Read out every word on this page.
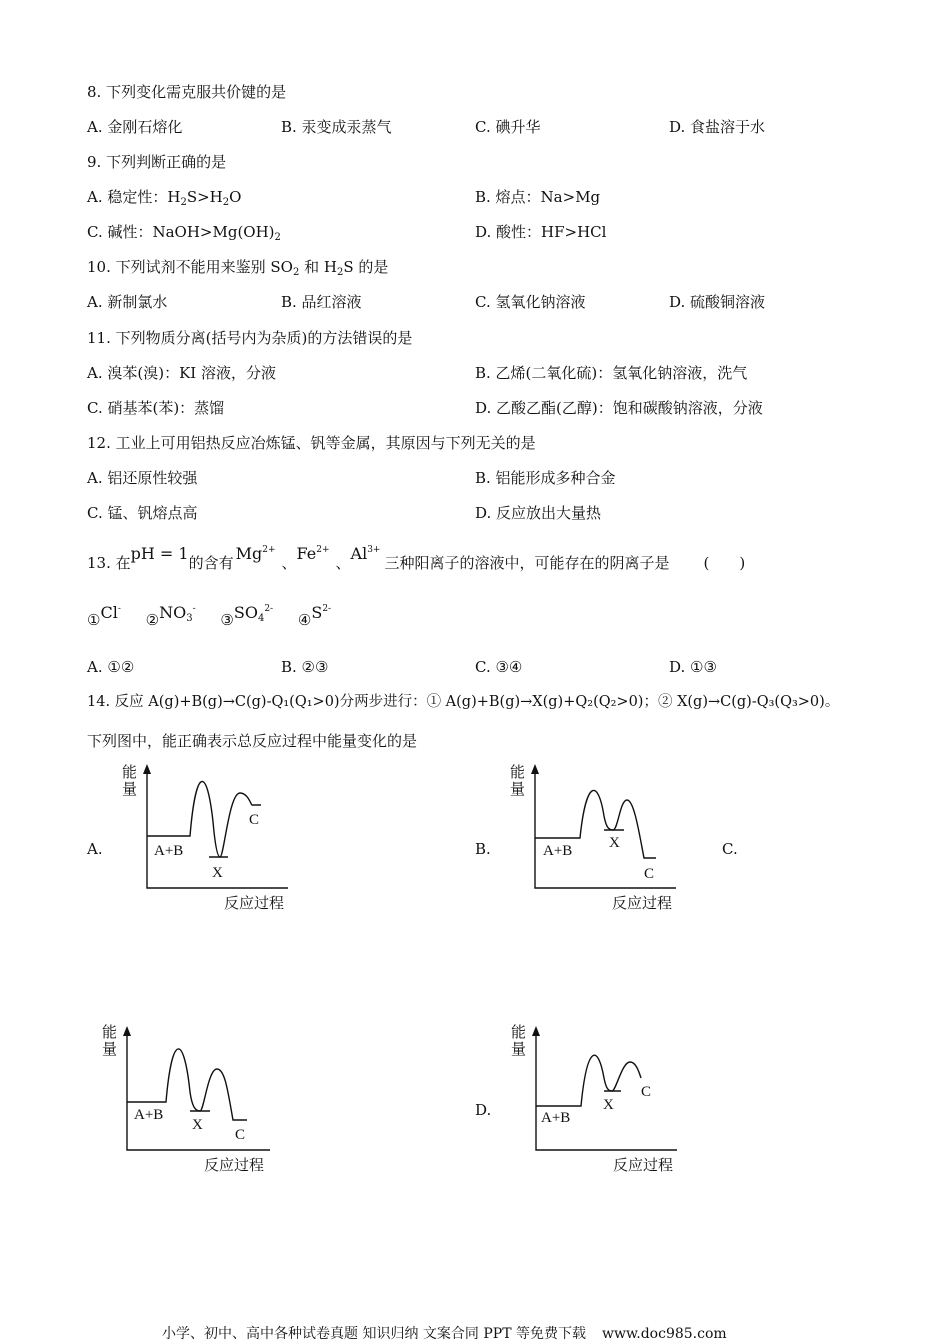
8. 下列变化需克服共价键的是
A. 金刚石熔化	B. 汞变成汞蒸气	C. 碘升华	D. 食盐溶于水
9. 下列判断正确的是
A. 稳定性：$H_2S>H_2O$	B. 熔点：Na>Mg
C. 碱性：$NaOH>Mg(OH)_2$	D. 酸性：HF>HCl
10. 下列试剂不能用来鉴别 $SO_2$ 和 $H_2S$ 的是
A. 新制氯水	B. 品红溶液	C. 氢氧化钠溶液	D. 硫酸铜溶液
11. 下列物质分离(括号内为杂质)的方法错误的是
A. 溴苯(溴)：KI 溶液，分液	B. 乙烯(二氧化硫)：氢氧化钠溶液，洗气
C. 硝基苯(苯)：蒸馏	D. 乙酸乙酯(乙醇)：饱和碳酸钠溶液，分液
12. 工业上可用铝热反应冶炼锰、钒等金属，其原因与下列无关的是
A. 铝还原性较强	B. 铝能形成多种合金
C. 锰、钒熔点高	D. 反应放出大量热
13. 在pH = 1的含有 $Mg^{2+}$、$Fe^{2+}$、$Al^{3+}$三种阳离子的溶液中，可能存在的阴离子是 (　　)
①Cl- $②NO^{3-}$ $③SO^{42-}$ $④S^{2-}$
A. ①②	B. ②③	C. ③④	D. ①③
14. 反应 A(g)+B(g)→C(g)-Q₁(Q₁>0)分两步进行：① A(g)+B(g)→X(g)+Q₂(Q₂>0)；② X(g)→C(g)-Q₃(Q₃>0)。
下列图中，能正确表示总反应过程中能量变化的是
A.	B.	C.
D.
能
量
A+B
X
C
反应过程
能
量
A+B X
C
反应过程
能
量
A+B
X
C
反应过程
能
量
A+B
X
C
反应过程
小学、初中、高中各种试卷真题 知识归纳 文案合同 PPT 等免费下载 www.doc985.com
